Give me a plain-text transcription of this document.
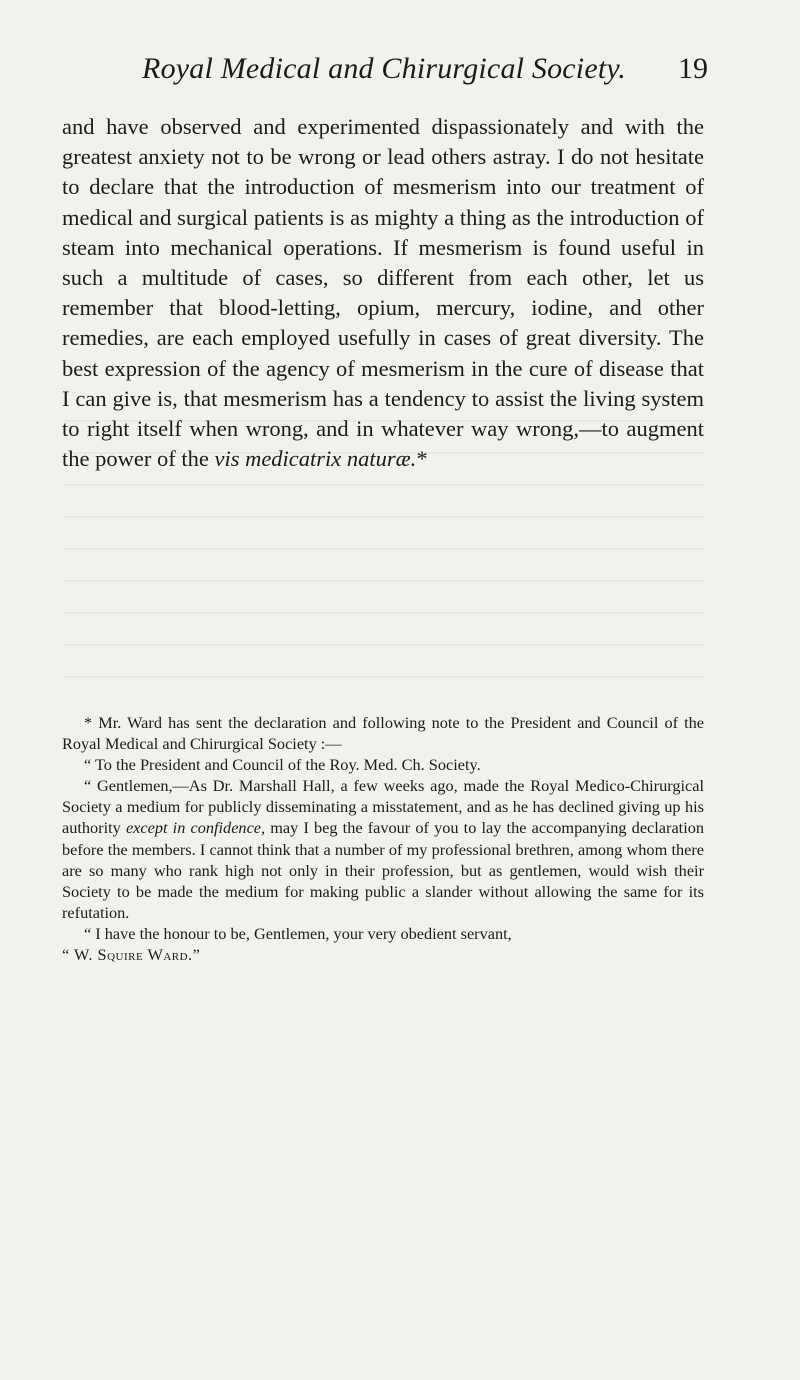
Royal Medical and Chirurgical Society. 19

and have observed and experimented dispassionately and with the greatest anxiety not to be wrong or lead others astray. I do not hesitate to declare that the introduction of mesmerism into our treatment of medical and surgical patients is as mighty a thing as the introduction of steam into mechanical operations. If mesmerism is found useful in such a multitude of cases, so different from each other, let us remember that blood-letting, opium, mercury, iodine, and other remedies, are each employed usefully in cases of great diversity. The best expression of the agency of mesmerism in the cure of disease that I can give is, that mesmerism has a tendency to assist the living system to right itself when wrong, and in whatever way wrong,—to augment the power of the vis medicatrix naturæ.*

* Mr. Ward has sent the declaration and following note to the President and Council of the Royal Medical and Chirurgical Society :—

“ To the President and Council of the Roy. Med. Ch. Society.

“ Gentlemen,—As Dr. Marshall Hall, a few weeks ago, made the Royal Medico-Chirurgical Society a medium for publicly disseminating a misstatement, and as he has declined giving up his authority except in confidence, may I beg the favour of you to lay the accompanying declaration before the members. I cannot think that a number of my professional brethren, among whom there are so many who rank high not only in their profession, but as gentlemen, would wish their Society to be made the medium for making public a slander without allowing the same for its refutation.

“ I have the honour to be, Gentlemen, your very obedient servant,

“ W. Squire Ward.”
